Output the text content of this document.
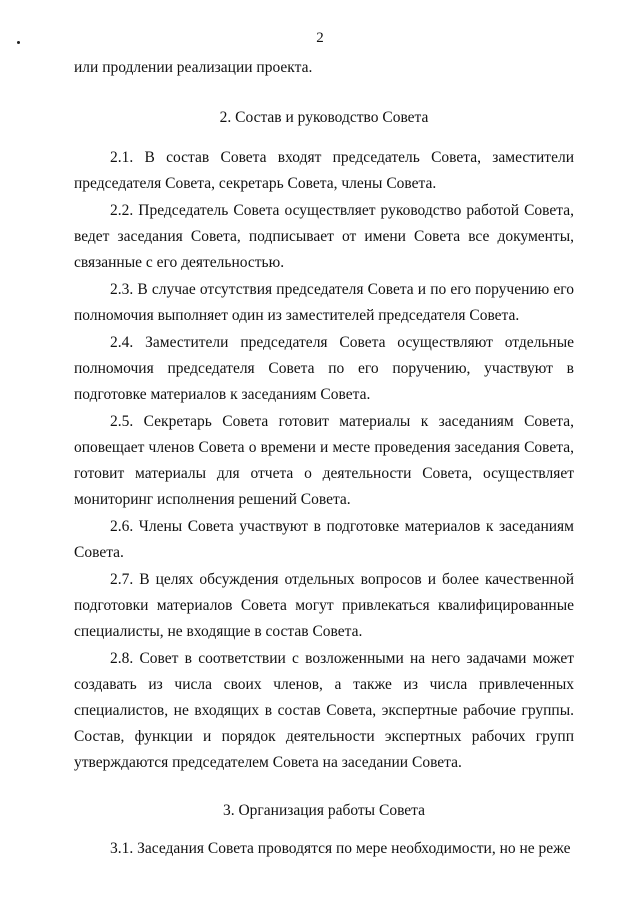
2

или продлении реализации проекта.

2. Состав и руководство Совета

2.1. В состав Совета входят председатель Совета, заместители председателя Совета, секретарь Совета, члены Совета.

2.2. Председатель Совета осуществляет руководство работой Совета, ведет заседания Совета, подписывает от имени Совета все документы, связанные с его деятельностью.

2.3. В случае отсутствия председателя Совета и по его поручению его полномочия выполняет один из заместителей председателя Совета.

2.4. Заместители председателя Совета осуществляют отдельные полномочия председателя Совета по его поручению, участвуют в подготовке материалов к заседаниям Совета.

2.5. Секретарь Совета готовит материалы к заседаниям Совета, оповещает членов Совета о времени и месте проведения заседания Совета, готовит материалы для отчета о деятельности Совета, осуществляет мониторинг исполнения решений Совета.

2.6. Члены Совета участвуют в подготовке материалов к заседаниям Совета.

2.7. В целях обсуждения отдельных вопросов и более качественной подготовки материалов Совета могут привлекаться квалифицированные специалисты, не входящие в состав Совета.

2.8. Совет в соответствии с возложенными на него задачами может создавать из числа своих членов, а также из числа привлеченных специалистов, не входящих в состав Совета, экспертные рабочие группы. Состав, функции и порядок деятельности экспертных рабочих групп утверждаются председателем Совета на заседании Совета.

3. Организация работы Совета

3.1. Заседания Совета проводятся по мере необходимости, но не реже
